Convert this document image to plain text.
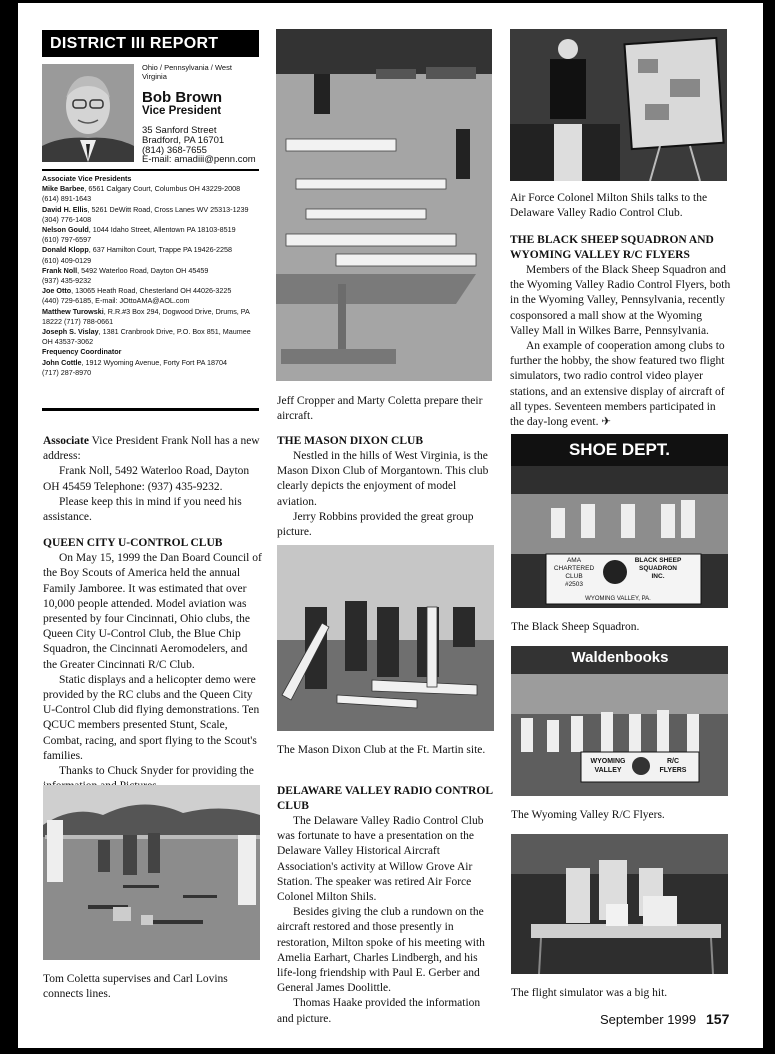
DISTRICT III REPORT
Ohio / Pennsylvania / West Virginia
Bob Brown
Vice President
35 Sanford Street
Bradford, PA 16701
(814) 368-7655
E-mail: amadiii@penn.com
Associate Vice Presidents
Mike Barbee, 6561 Calgary Court, Columbus OH 43229-2008
(614) 891-1643
David H. Ellis, 5261 DeWitt Road, Cross Lanes WV 25313-1239
(304) 776-1408
Nelson Gould, 1044 Idaho Street, Allentown PA 18103-8519
(610) 797-6597
Donald Klopp, 637 Hamilton Court, Trappe PA 19426-2258
(610) 409-0129
Frank Noll, 5492 Waterloo Road, Dayton OH 45459
(937) 435-9232
Joe Otto, 13065 Heath Road, Chesterland OH 44026-3225
(440) 729-6185, E-mail: JOttoAMA@AOL.com
Matthew Turowski, R.R.#3 Box 294, Dogwood Drive, Drums, PA
18222 (717) 788-0661
Joseph S. Vislay, 1381 Cranbrook Drive, P.O. Box 851, Maumee
OH 43537-3062
Frequency Coordinator
John Cottle, 1912 Wyoming Avenue, Forty Fort PA 18704
(717) 287-8970

Associate Vice President Frank Noll has a new address:

Frank Noll, 5492 Waterloo Road, Dayton OH 45459 Telephone: (937) 435-9232.

Please keep this in mind if you need his assistance.

QUEEN CITY U-CONTROL CLUB

On May 15, 1999 the Dan Board Council of the Boy Scouts of America held the annual Family Jamboree. It was estimated that over 10,000 people attended. Model aviation was presented by four Cincinnati, Ohio clubs, the Queen City U-Control Club, the Blue Chip Squadron, the Cincinnati Aeromodelers, and the Greater Cincinnati R/C Club.

Static displays and a helicopter demo were provided by the RC clubs and the Queen City U-Control Club did flying demonstrations. Ten QCUC members presented Stunt, Scale, Combat, racing, and sport flying to the Scout's families.

Thanks to Chuck Snyder for providing the

Tom Coletta supervises and Carl Lovins connects lines.
Jeff Cropper and Marty Coletta prepare their aircraft.
THE MASON DIXON CLUB

Nestled in the hills of West Virginia, is the Mason Dixon Club of Morgantown. This club clearly depicts the enjoyment of model aviation.

Jerry Robbins provided the great group picture.

The Mason Dixon Club at the Ft. Martin site.
DELAWARE VALLEY RADIO CONTROL CLUB

The Delaware Valley Radio Control Club was fortunate to have a presentation on the Delaware Valley Historical Aircraft Association's activity at Willow Grove Air Station. The speaker was retired Air Force Colonel Milton Shils.

Besides giving the club a rundown on the aircraft restored and those presently in restoration, Milton spoke of his meeting with Amelia Earhart, Charles Lindbergh, and his life-long friendship with Paul E. Gerber and General James Doolittle.

Thomas Haake provided the information and picture.

Air Force Colonel Milton Shils talks to the Delaware Valley Radio Control Club.
THE BLACK SHEEP SQUADRON AND WYOMING VALLEY R/C FLYERS

Members of the Black Sheep Squadron and the Wyoming Valley Radio Control Flyers, both in the Wyoming Valley, Pennsylvania, recently cosponsored a mall show at the Wyoming Valley Mall in Wilkes Barre, Pennsylvania.

An example of cooperation among clubs to further the hobby, the show featured two flight simulators, two radio control video player stations, and an extensive display of aircraft of all types. Seventeen members participated in the day-long event. ✈

SHOE DEPT.
AMA
CHARTERED
CLUB
#2503
BLACK SHEEP
SQUADRON
INC.
WYOMING VALLEY, PA.
The Black Sheep Squadron.
Waldenbooks
WYOMING
VALLEY
R/C
FLYERS
The Wyoming Valley R/C Flyers.
The flight simulator was a big hit.
September 1999 157
